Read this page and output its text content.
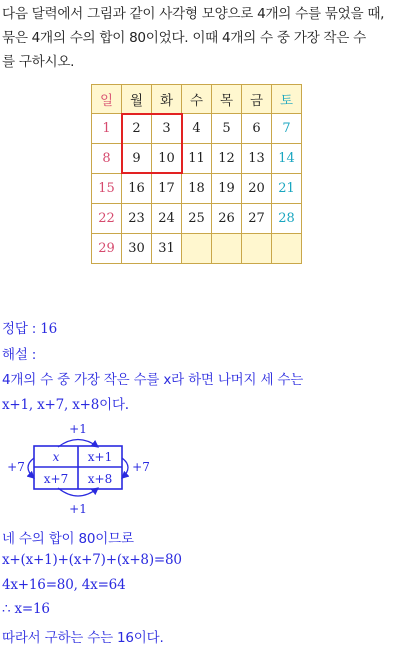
다음 달력에서 그림과 같이 사각형 모양으로 4개의 수를 묶었을 때,
묶은 4개의 수의 합이 80이었다. 이때 4개의 수 중 가장 작은 수
를 구하시오.
일	월	화	수	목	금	토
1	2	3	4	5	6	7
8	9	10	11	12	13	14
15	16	17	18	19	20	21
22	23	24	25	26	27	28
29	30	31				
정답 : 16
해설 :
4개의 수 중 가장 작은 수를 x라 하면 나머지 세 수는
x+1, x+7, x+8이다.
x x+1
x+7 x+8
+1
+1
+7	+7
네 수의 합이 80이므로
x+(x+1)+(x+7)+(x+8)=80
4x+16=80, 4x=64
∴ x=16
따라서 구하는 수는 16이다.
